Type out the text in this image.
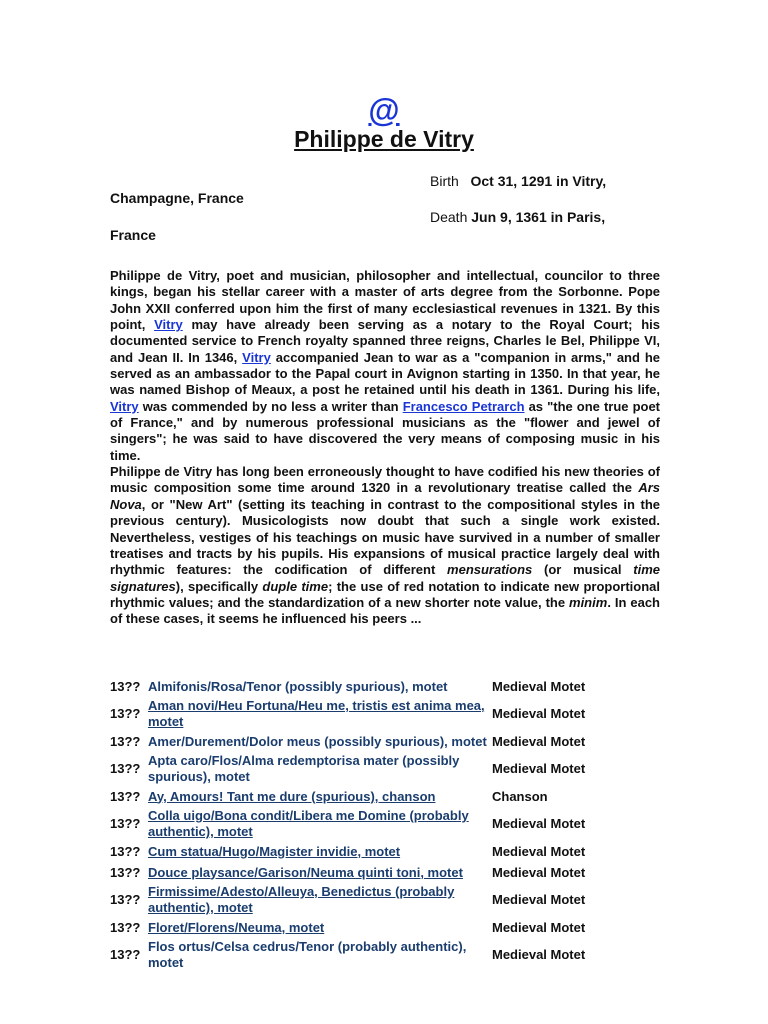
@
Philippe de Vitry
Birth Oct 31, 1291 in Vitry,
Champagne, France
Death Jun 9, 1361 in Paris,
France

Philippe de Vitry, poet and musician, philosopher and intellectual, councilor to three kings, began his stellar career with a master of arts degree from the Sorbonne. Pope John XXII conferred upon him the first of many ecclesiastical revenues in 1321. By this point, Vitry may have already been serving as a notary to the Royal Court; his documented service to French royalty spanned three reigns, Charles le Bel, Philippe VI, and Jean II. In 1346, Vitry accompanied Jean to war as a "companion in arms," and he served as an ambassador to the Papal court in Avignon starting in 1350. In that year, he was named Bishop of Meaux, a post he retained until his death in 1361. During his life, Vitry was commended by no less a writer than Francesco Petrarch as "the one true poet of France," and by numerous professional musicians as the "flower and jewel of singers"; he was said to have discovered the very means of composing music in his time.

Philippe de Vitry has long been erroneously thought to have codified his new theories of music composition some time around 1320 in a revolutionary treatise called the Ars Nova, or "New Art" (setting its teaching in contrast to the compositional styles in the previous century). Musicologists now doubt that such a single work existed. Nevertheless, vestiges of his teachings on music have survived in a number of smaller treatises and tracts by his pupils. His expansions of musical practice largely deal with rhythmic features: the codification of different mensurations (or musical time signatures), specifically duple time; the use of red notation to indicate new proportional rhythmic values; and the standardization of a new shorter note value, the minim. In each of these cases, it seems he influenced his peers ...

13??	Almifonis/Rosa/Tenor (possibly spurious), motet	Medieval Motet
13??	Aman novi/Heu Fortuna/Heu me, tristis est anima mea, motet	Medieval Motet
13??	Amer/Durement/Dolor meus (possibly spurious), motet	Medieval Motet
13??	Apta caro/Flos/Alma redemptorisa mater (possibly spurious), motet	Medieval Motet
13??	Ay, Amours! Tant me dure (spurious), chanson	Chanson
13??	Colla uigo/Bona condit/Libera me Domine (probably authentic), motet	Medieval Motet
13??	Cum statua/Hugo/Magister invidie, motet	Medieval Motet
13??	Douce playsance/Garison/Neuma quinti toni, motet	Medieval Motet
13??	Firmissime/Adesto/Alleuya, Benedictus (probably authentic), motet	Medieval Motet
13??	Floret/Florens/Neuma, motet	Medieval Motet
13??	Flos ortus/Celsa cedrus/Tenor (probably authentic), motet	Medieval Motet
